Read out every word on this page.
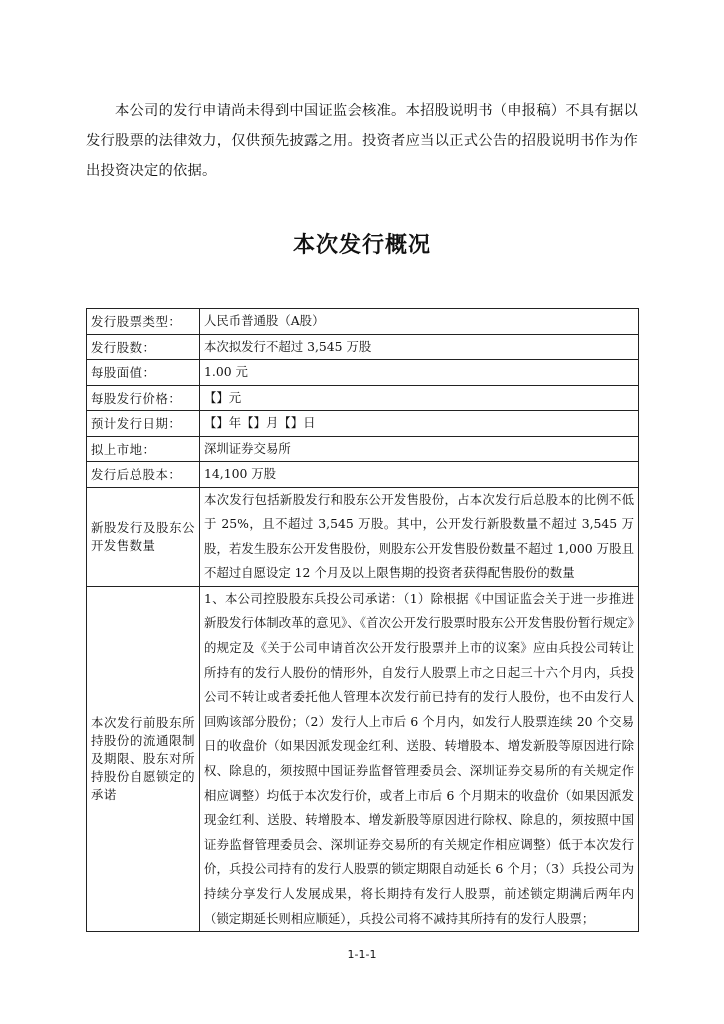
本公司的发行申请尚未得到中国证监会核准。本招股说明书（申报稿）不具有据以发行股票的法律效力，仅供预先披露之用。投资者应当以正式公告的招股说明书作为作出投资决定的依据。

本次发行概况
发行股票类型：	人民币普通股（A股）
发行股数：	本次拟发行不超过 3,545 万股
每股面值：	1.00 元
每股发行价格：	【】元
预计发行日期：	【】年【】月【】日
拟上市地：	深圳证券交易所
发行后总股本：	14,100 万股
新股发行及股东公开发售数量	本次发行包括新股发行和股东公开发售股份，占本次发行后总股本的比例不低于 25%，且不超过 3,545 万股。其中，公开发行新股数量不超过 3,545 万股，若发生股东公开发售股份，则股东公开发售股份数量不超过 1,000 万股且不超过自愿设定 12 个月及以上限售期的投资者获得配售股份的数量
本次发行前股东所持股份的流通限制及期限、股东对所持股份自愿锁定的承诺	1、本公司控股股东兵投公司承诺：（1）除根据《中国证监会关于进一步推进新股发行体制改革的意见》、《首次公开发行股票时股东公开发售股份暂行规定》的规定及《关于公司申请首次公开发行股票并上市的议案》应由兵投公司转让所持有的发行人股份的情形外，自发行人股票上市之日起三十六个月内，兵投公司不转让或者委托他人管理本次发行前已持有的发行人股份，也不由发行人回购该部分股份；（2）发行人上市后 6 个月内，如发行人股票连续 20 个交易日的收盘价（如果因派发现金红利、送股、转增股本、增发新股等原因进行除权、除息的，须按照中国证券监督管理委员会、深圳证券交易所的有关规定作相应调整）均低于本次发行价，或者上市后 6 个月期末的收盘价（如果因派发现金红利、送股、转增股本、增发新股等原因进行除权、除息的，须按照中国证券监督管理委员会、深圳证券交易所的有关规定作相应调整）低于本次发行价，兵投公司持有的发行人股票的锁定期限自动延长 6 个月；（3）兵投公司为持续分享发行人发展成果，将长期持有发行人股票，前述锁定期满后两年内（锁定期延长则相应顺延），兵投公司将不减持其所持有的发行人股票；

1-1-1
